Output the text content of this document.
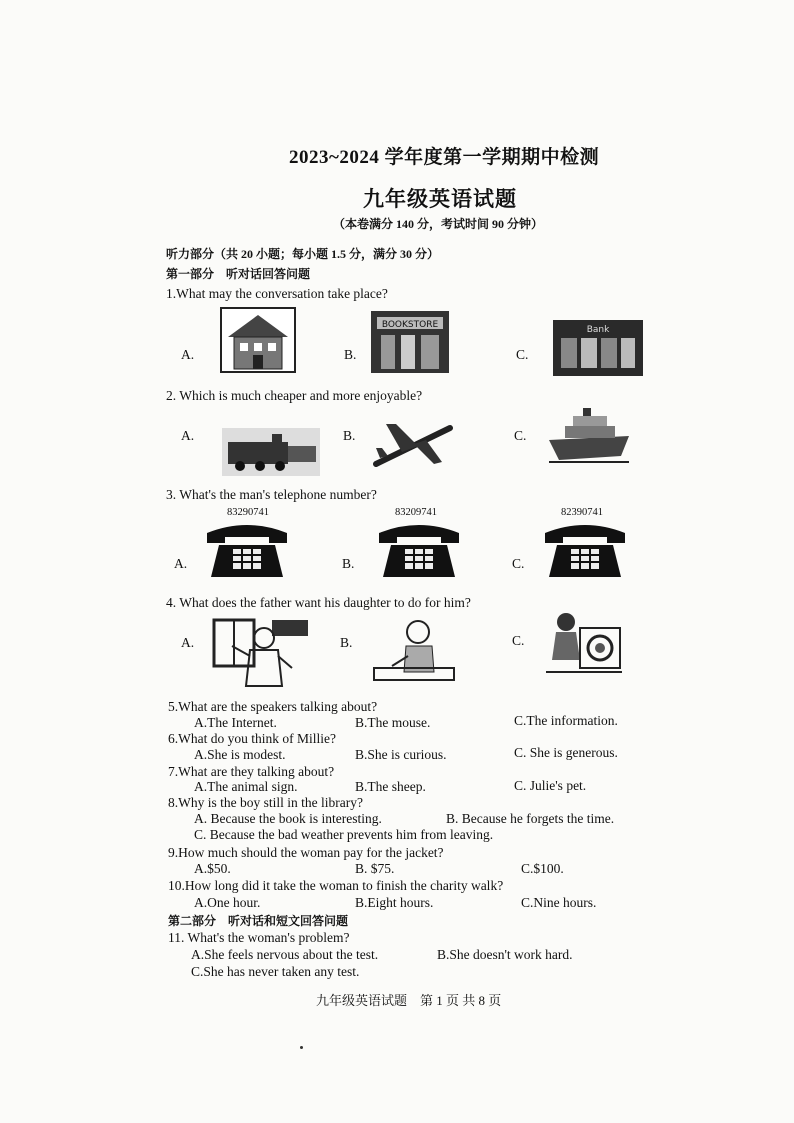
2023~2024 学年度第一学期期中检测
九年级英语试题
（本卷满分 140 分，考试时间 90 分钟）
听力部分（共 20 小题；每小题 1.5 分，满分 30 分）
第一部分　听对话回答问题
1.What may the conversation take place?
A.	B.
BOOKSTORE
C.
Bank
2. Which is much cheaper and more enjoyable?
A.	B.	C.
3. What's the man's telephone number?
83290741	83209741	82390741
A.	B.	C.
4. What does the father want his daughter to do for him?
A.	B.	C.
5.What are the speakers talking about?
A.The Internet.	B.The mouse.	C.The information.
6.What do you think of Millie?
A.She is modest.	B.She is curious.	C. She is generous.
7.What are they talking about?
A.The animal sign.	B.The sheep.	C. Julie's pet.
8.Why is the boy still in the library?
A. Because the book is interesting.	B. Because he forgets the time.
C. Because the bad weather prevents him from leaving.
9.How much should the woman pay for the jacket?
A.$50.	B. $75.	C.$100.
10.How long did it take the woman to finish the charity walk?
A.One hour.	B.Eight hours.	C.Nine hours.
第二部分　听对话和短文回答问题
11. What's the woman's problem?
A.She feels nervous about the test.	B.She doesn't work hard.
C.She has never taken any test.
九年级英语试题　第 1 页 共 8 页
